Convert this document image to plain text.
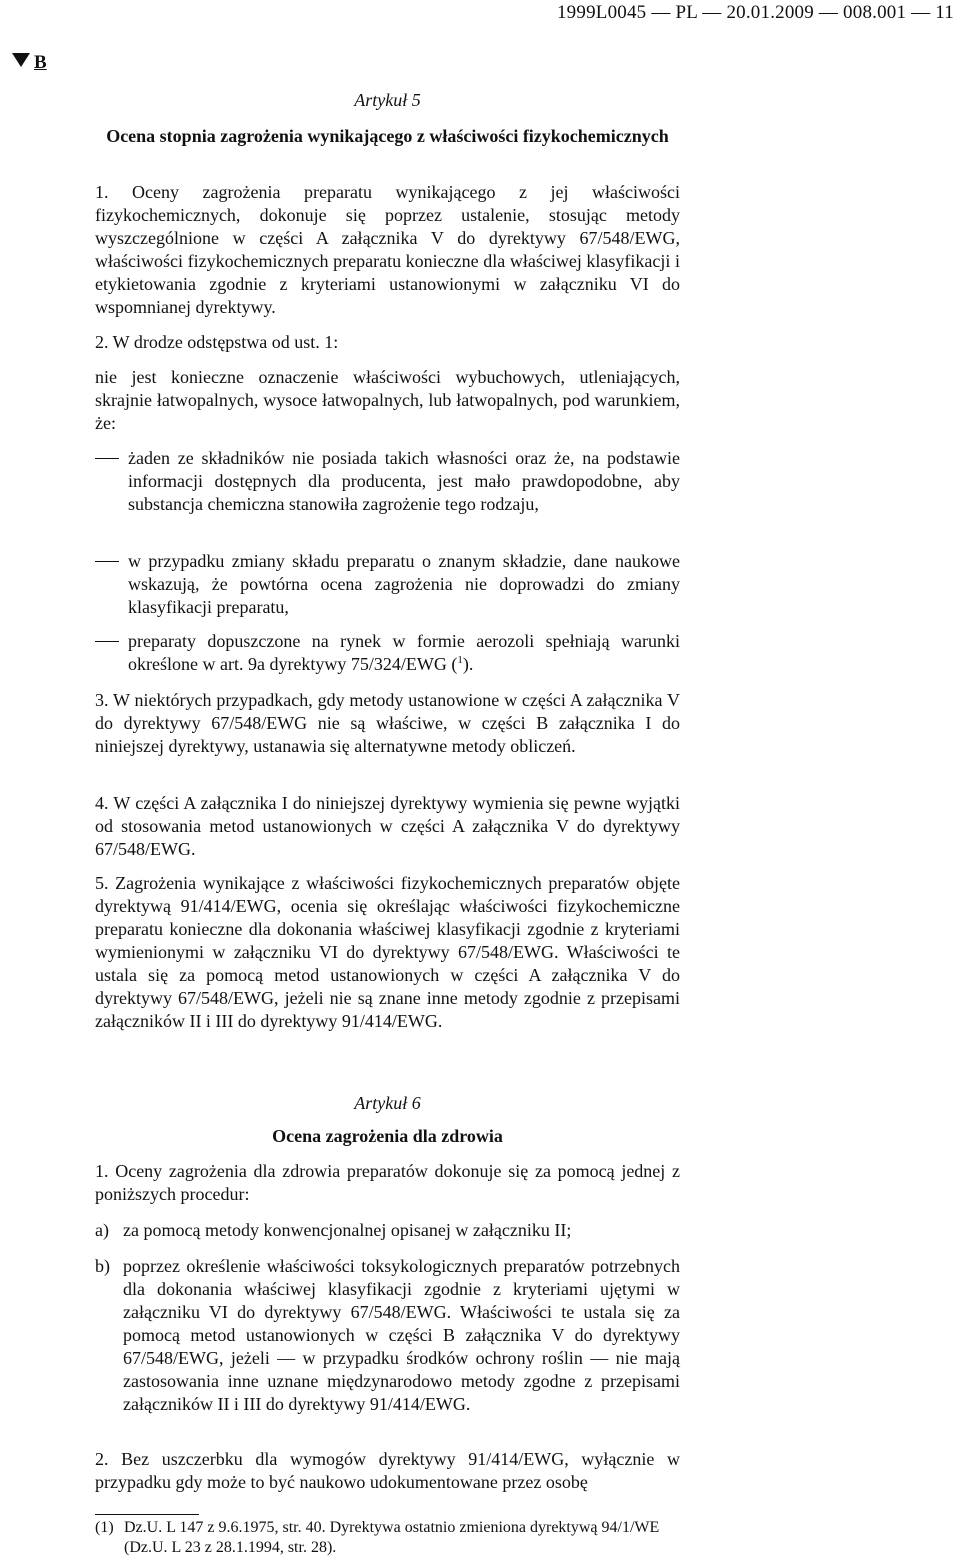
1999L0045 — PL — 20.01.2009 — 008.001 — 11
B
Artykuł 5
Ocena stopnia zagrożenia wynikającego z właściwości fizykochemicznych
1. Oceny zagrożenia preparatu wynikającego z jej właściwości fizykochemicznych, dokonuje się poprzez ustalenie, stosując metody wyszczególnione w części A załącznika V do dyrektywy 67/548/EWG, właściwości fizykochemicznych preparatu konieczne dla właściwej klasyfikacji i etykietowania zgodnie z kryteriami ustanowionymi w załączniku VI do wspomnianej dyrektywy.
2. W drodze odstępstwa od ust. 1:
nie jest konieczne oznaczenie właściwości wybuchowych, utleniających, skrajnie łatwopalnych, wysoce łatwopalnych, lub łatwopalnych, pod warunkiem, że:
żaden ze składników nie posiada takich własności oraz że, na podstawie informacji dostępnych dla producenta, jest mało prawdopodobne, aby substancja chemiczna stanowiła zagrożenie tego rodzaju,
w przypadku zmiany składu preparatu o znanym składzie, dane naukowe wskazują, że powtórna ocena zagrożenia nie doprowadzi do zmiany klasyfikacji preparatu,
preparaty dopuszczone na rynek w formie aerozoli spełniają warunki określone w art. 9a dyrektywy 75/324/EWG ($^1$).
3. W niektórych przypadkach, gdy metody ustanowione w części A załącznika V do dyrektywy 67/548/EWG nie są właściwe, w części B załącznika I do niniejszej dyrektywy, ustanawia się alternatywne metody obliczeń.
4. W części A załącznika I do niniejszej dyrektywy wymienia się pewne wyjątki od stosowania metod ustanowionych w części A załącznika V do dyrektywy 67/548/EWG.
5. Zagrożenia wynikające z właściwości fizykochemicznych preparatów objęte dyrektywą 91/414/EWG, ocenia się określając właściwości fizykochemiczne preparatu konieczne dla dokonania właściwej klasyfikacji zgodnie z kryteriami wymienionymi w załączniku VI do dyrektywy 67/548/EWG. Właściwości te ustala się za pomocą metod ustanowionych w części A załącznika V do dyrektywy 67/548/EWG, jeżeli nie są znane inne metody zgodnie z przepisami załączników II i III do dyrektywy 91/414/EWG.
Artykuł 6
Ocena zagrożenia dla zdrowia
1. Oceny zagrożenia dla zdrowia preparatów dokonuje się za pomocą jednej z poniższych procedur:
a) za pomocą metody konwencjonalnej opisanej w załączniku II;
b) poprzez określenie właściwości toksykologicznych preparatów potrzebnych dla dokonania właściwej klasyfikacji zgodnie z kryteriami ujętymi w załączniku VI do dyrektywy 67/548/EWG. Właściwości te ustala się za pomocą metod ustanowionych w części B załącznika V do dyrektywy 67/548/EWG, jeżeli — w przypadku środków ochrony roślin — nie mają zastosowania inne uznane międzynarodowo metody zgodne z przepisami załączników II i III do dyrektywy 91/414/EWG.
2. Bez uszczerbku dla wymogów dyrektywy 91/414/EWG, wyłącznie w przypadku gdy może to być naukowo udokumentowane przez osobę
(1) Dz.U. L 147 z 9.6.1975, str. 40. Dyrektywa ostatnio zmieniona dyrektywą 94/1/WE (Dz.U. L 23 z 28.1.1994, str. 28).
